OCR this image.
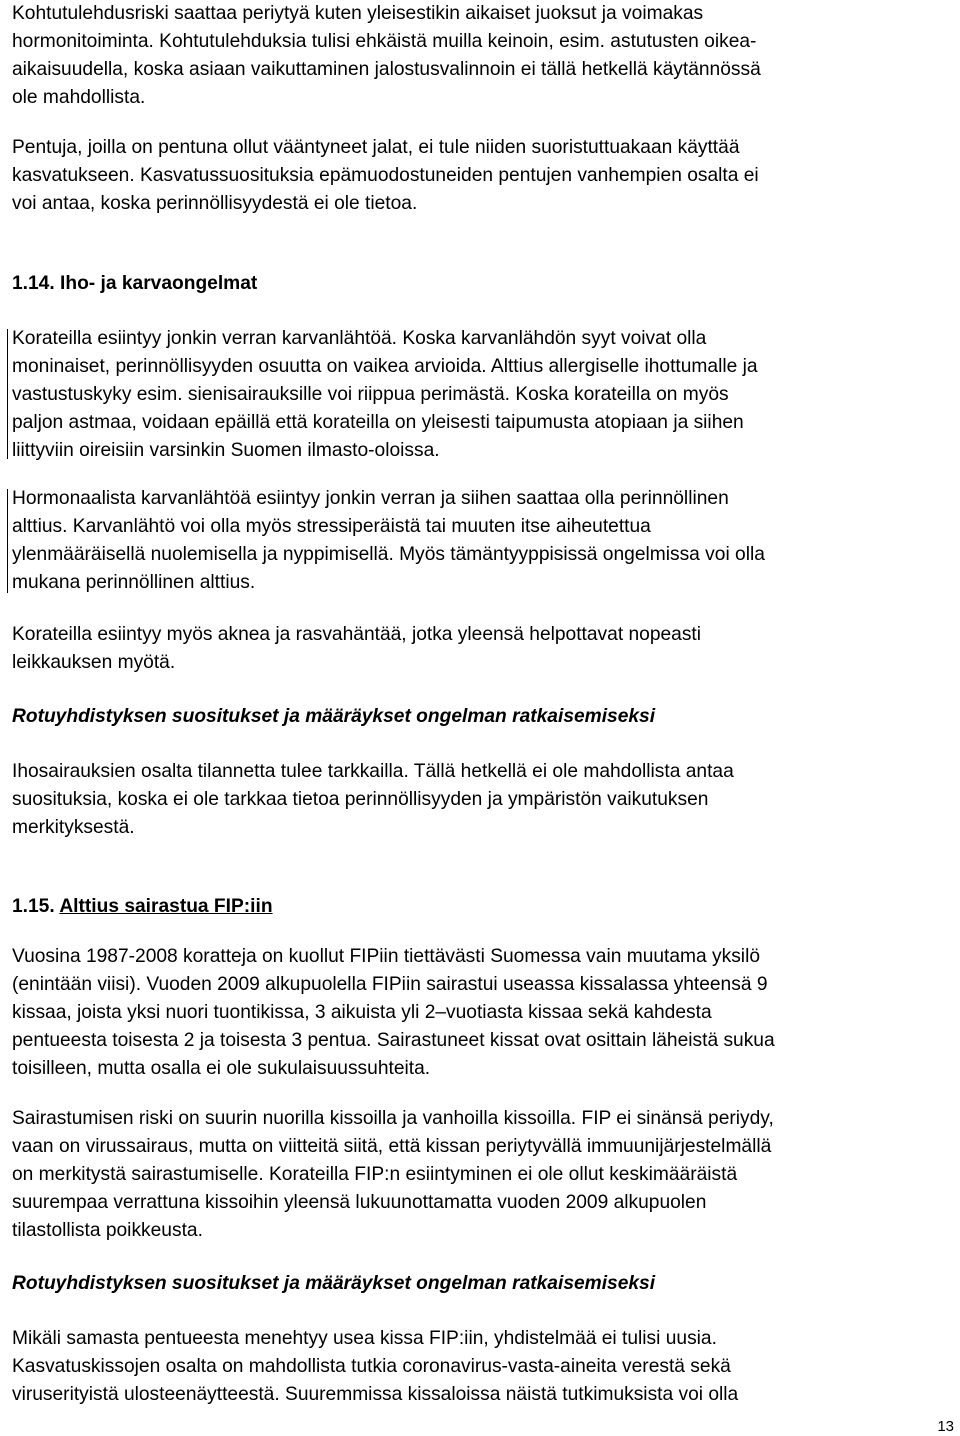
Kohtutulehdusriski saattaa periytyä kuten yleisestikin aikaiset juoksut ja voimakas
hormonitoiminta. Kohtutulehduksia tulisi ehkäistä muilla keinoin, esim. astutusten oikea-
aikaisuudella, koska asiaan vaikuttaminen jalostusvalinnoin ei tällä hetkellä käytännössä
ole mahdollista.

Pentuja, joilla on pentuna ollut vääntyneet jalat, ei tule niiden suoristuttuakaan käyttää
kasvatukseen. Kasvatussuosituksia epämuodostuneiden pentujen vanhempien osalta ei
voi antaa, koska perinnöllisyydestä ei ole tietoa.

1.14. Iho- ja karvaongelmat

Korateilla esiintyy jonkin verran karvanlähtöä. Koska karvanlähdön syyt voivat olla
moninaiset, perinnöllisyyden osuutta on vaikea arvioida. Alttius allergiselle ihottumalle ja
vastustuskyky esim. sienisairauksille voi riippua perimästä. Koska korateilla on myös
paljon astmaa, voidaan epäillä että korateilla on yleisesti taipumusta atopiaan ja siihen
liittyviin oireisiin varsinkin Suomen ilmasto-oloissa.

Hormonaalista karvanlähtöä esiintyy jonkin verran ja siihen saattaa olla perinnöllinen
alttius. Karvanlähtö voi olla myös stressiperäistä tai muuten itse aiheutettua
ylenmääräisellä nuolemisella ja nyppimisellä. Myös tämäntyyppisissä ongelmissa voi olla
mukana perinnöllinen alttius.

Korateilla esiintyy myös aknea ja rasvahäntää, jotka yleensä helpottavat nopeasti
leikkauksen myötä.

Rotuyhdistyksen suositukset ja määräykset ongelman ratkaisemiseksi

Ihosairauksien osalta tilannetta tulee tarkkailla. Tällä hetkellä ei ole mahdollista antaa
suosituksia, koska ei ole tarkkaa tietoa perinnöllisyyden ja ympäristön vaikutuksen
merkityksestä.

1.15. Alttius sairastua FIP:iin

Vuosina 1987-2008 koratteja on kuollut FIPiin tiettävästi Suomessa vain muutama yksilö
(enintään viisi). Vuoden 2009 alkupuolella FIPiin sairastui useassa kissalassa yhteensä 9
kissaa, joista yksi nuori tuontikissa, 3 aikuista yli 2–vuotiasta kissaa sekä kahdesta
pentueesta toisesta 2 ja toisesta 3 pentua. Sairastuneet kissat ovat osittain läheistä sukua
toisilleen, mutta osalla ei ole sukulaisuussuhteita.

Sairastumisen riski on suurin nuorilla kissoilla ja vanhoilla kissoilla. FIP ei sinänsä periydy,
vaan on virussairaus, mutta on viitteitä siitä, että kissan periytyvällä immuunijärjestelmällä
on merkitystä sairastumiselle. Korateilla FIP:n esiintyminen ei ole ollut keskimääräistä
suurempaa verrattuna kissoihin yleensä lukuunottamatta vuoden 2009 alkupuolen
tilastollista poikkeusta.

Rotuyhdistyksen suositukset ja määräykset ongelman ratkaisemiseksi

Mikäli samasta pentueesta menehtyy usea kissa FIP:iin, yhdistelmää ei tulisi uusia.
Kasvatuskissojen osalta on mahdollista tutkia coronavirus-vasta-aineita verestä sekä
viruserityistä ulosteenäytteestä. Suuremmissa kissaloissa näistä tutkimuksista voi olla

13
